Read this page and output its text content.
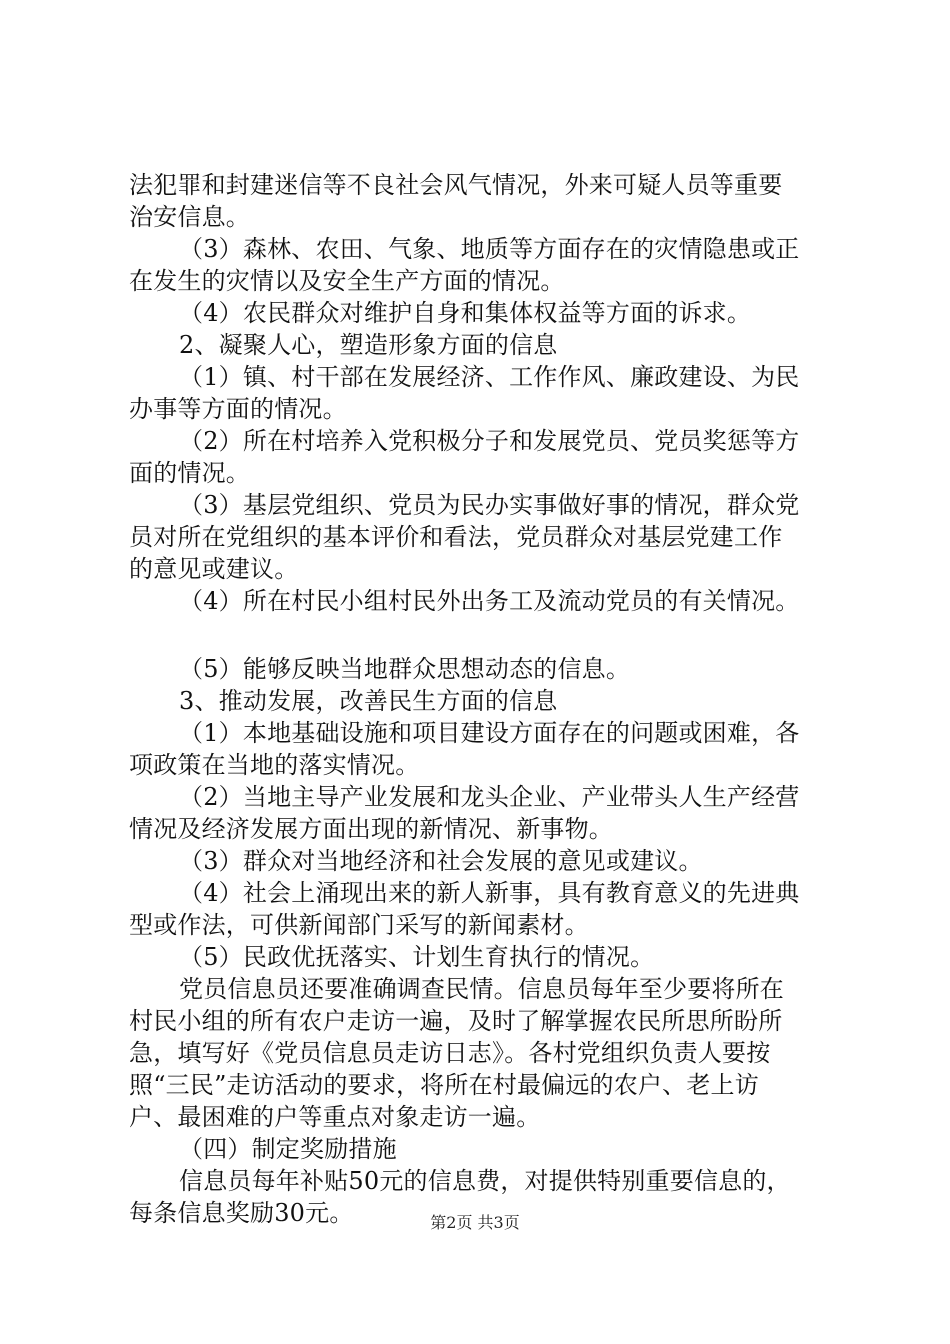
法犯罪和封建迷信等不良社会风气情况，外来可疑人员等重要
治安信息。
（3）森林、农田、气象、地质等方面存在的灾情隐患或正
在发生的灾情以及安全生产方面的情况。
（4）农民群众对维护自身和集体权益等方面的诉求。
2、凝聚人心，塑造形象方面的信息
（1）镇、村干部在发展经济、工作作风、廉政建设、为民
办事等方面的情况。
（2）所在村培养入党积极分子和发展党员、党员奖惩等方
面的情况。
（3）基层党组织、党员为民办实事做好事的情况，群众党
员对所在党组织的基本评价和看法，党员群众对基层党建工作
的意见或建议。
（4）所在村民小组村民外出务工及流动党员的有关情况。
（5）能够反映当地群众思想动态的信息。
3、推动发展，改善民生方面的信息
（1）本地基础设施和项目建设方面存在的问题或困难，各
项政策在当地的落实情况。
（2）当地主导产业发展和龙头企业、产业带头人生产经营
情况及经济发展方面出现的新情况、新事物。
（3）群众对当地经济和社会发展的意见或建议。
（4）社会上涌现出来的新人新事，具有教育意义的先进典
型或作法，可供新闻部门采写的新闻素材。
（5）民政优抚落实、计划生育执行的情况。
党员信息员还要准确调查民情。信息员每年至少要将所在
村民小组的所有农户走访一遍，及时了解掌握农民所思所盼所
急，填写好《党员信息员走访日志》。各村党组织负责人要按
照“三民”走访活动的要求，将所在村最偏远的农户、老上访
户、最困难的户等重点对象走访一遍。
（四）制定奖励措施
信息员每年补贴50元的信息费，对提供特别重要信息的，
每条信息奖励30元。	第2页 共3页
